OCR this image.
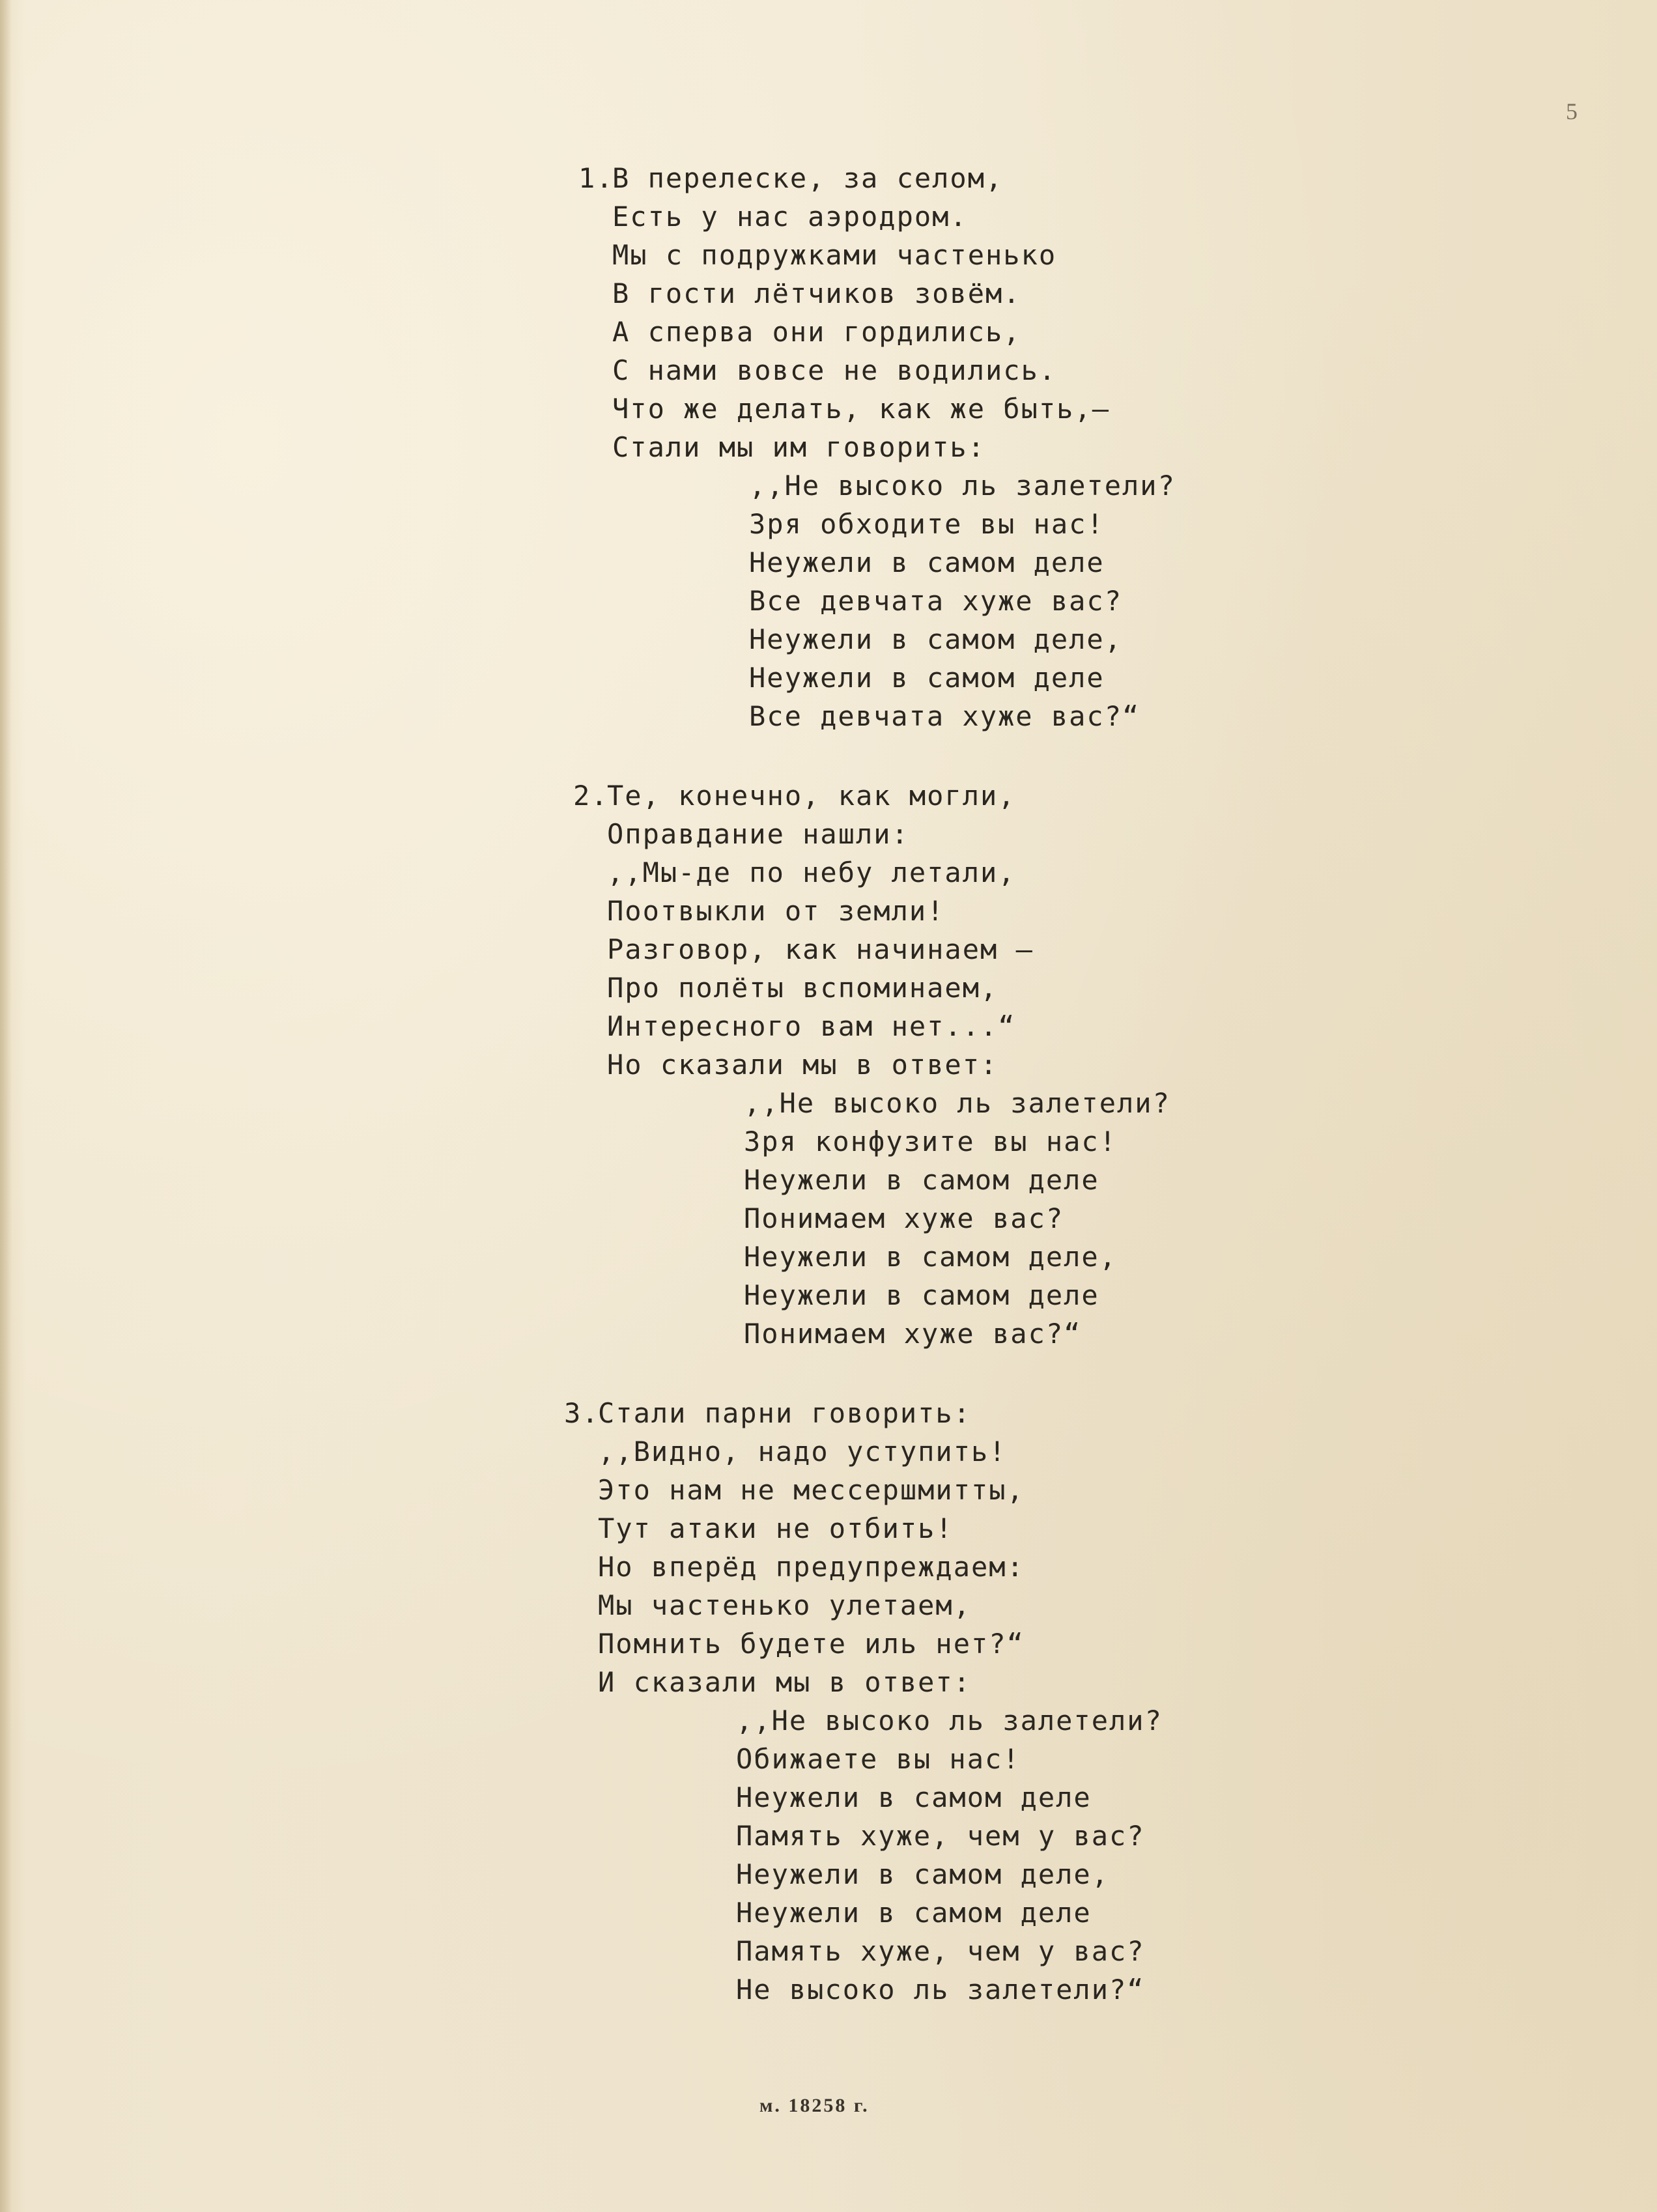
5
1.В перелеске, за селом,
Есть у нас аэродром.
Мы с подружками частенько
В гости лётчиков зовём.
А сперва они гордились,
С нами вовсе не водились.
Что же делать, как же быть,—
Стали мы им говорить:
,,Не высоко ль залетели?
Зря обходите вы нас!
Неужели в самом деле
Все девчата хуже вас?
Неужели в самом деле,
Неужели в самом деле
Все девчата хуже вас?“
2.Те, конечно, как могли,
Оправдание нашли:
,,Мы-де по небу летали,
Поотвыкли от земли!
Разговор, как начинаем —
Про полёты вспоминаем,
Интересного вам нет...“
Но сказали мы в ответ:
,,Не высоко ль залетели?
Зря конфузите вы нас!
Неужели в самом деле
Понимаем хуже вас?
Неужели в самом деле,
Неужели в самом деле
Понимаем хуже вас?“
3.Стали парни говорить:
,,Видно, надо уступить!
Это нам не мессершмитты,
Тут атаки не отбить!
Но вперёд предупреждаем:
Мы частенько улетаем,
Помнить будете иль нет?“
И сказали мы в ответ:
,,Не высоко ль залетели?
Обижаете вы нас!
Неужели в самом деле
Память хуже, чем у вас?
Неужели в самом деле,
Неужели в самом деле
Память хуже, чем у вас?
Не высоко ль залетели?“
м. 18258 г.
